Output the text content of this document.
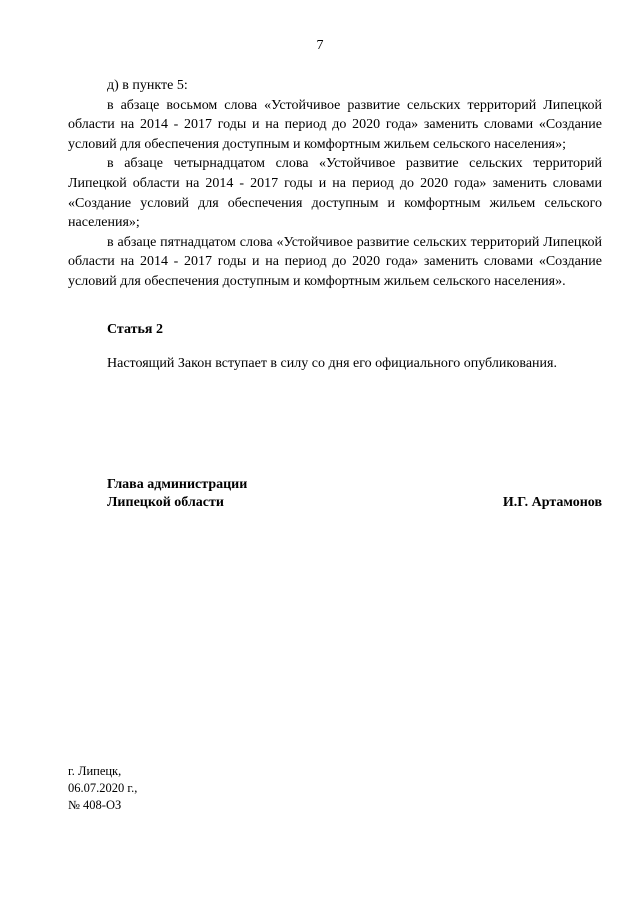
7

д) в пункте 5:

в абзаце восьмом слова «Устойчивое развитие сельских территорий Липецкой области на 2014 - 2017 годы и на период до 2020 года» заменить словами «Создание условий для обеспечения доступным и комфортным жильем сельского населения»;

в абзаце четырнадцатом слова «Устойчивое развитие сельских территорий Липецкой области на 2014 - 2017 годы и на период до 2020 года» заменить словами «Создание условий для обеспечения доступным и комфортным жильем сельского населения»;

в абзаце пятнадцатом слова «Устойчивое развитие сельских территорий Липецкой области на 2014 - 2017 годы и на период до 2020 года» заменить словами «Создание условий для обеспечения доступным и комфортным жильем сельского населения».

Статья 2
Настоящий Закон вступает в силу со дня его официального опубликования.
Глава администрации
Липецкой области	И.Г. Артамонов
г. Липецк,
06.07.2020 г.,
№ 408-ОЗ
